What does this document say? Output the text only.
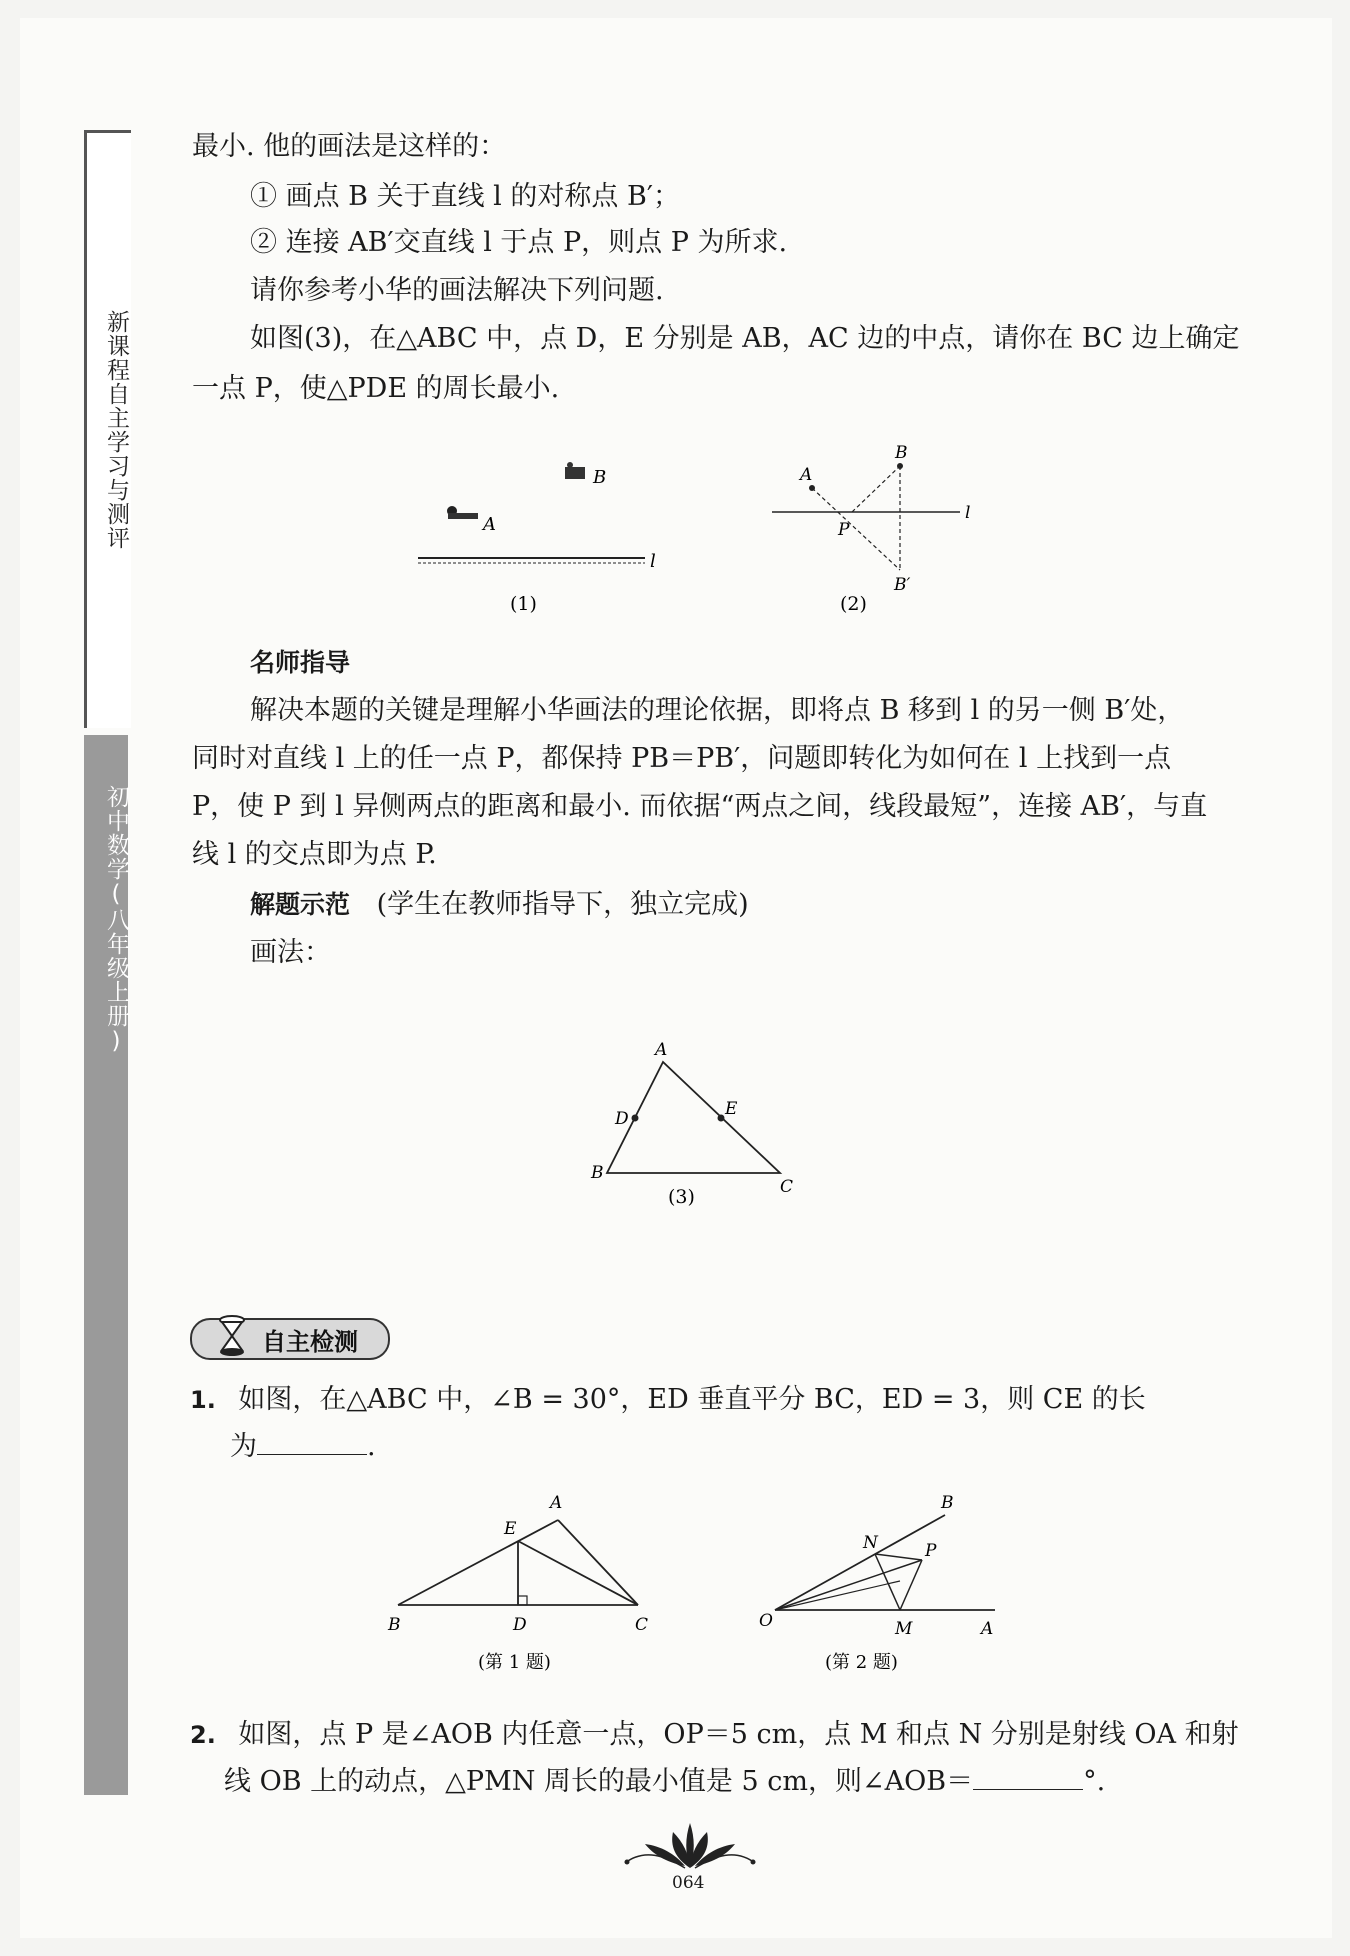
新课程自主学习与测评
初中数学(八年级上册)
最小. 他的画法是这样的：
① 画点 B 关于直线 l 的对称点 B′；
② 连接 AB′交直线 l 于点 P，则点 P 为所求.
请你参考小华的画法解决下列问题.
如图(3)，在△ABC 中，点 D，E 分别是 AB，AC 边的中点，请你在 BC 边上确定
一点 P，使△PDE 的周长最小.
A
B
l
(1)
A
B
B′
P
l
(2)
名师指导
解决本题的关键是理解小华画法的理论依据，即将点 B 移到 l 的另一侧 B′处，
同时对直线 l 上的任一点 P，都保持 PB＝PB′，问题即转化为如何在 l 上找到一点
P，使 P 到 l 异侧两点的距离和最小. 而依据“两点之间，线段最短”，连接 AB′，与直
线 l 的交点即为点 P.
解题示范 (学生在教师指导下，独立完成)
画法：
A
B
C
D	E
(3)
自主检测
1. 如图，在△ABC 中，∠B = 30°，ED 垂直平分 BC，ED = 3，则 CE 的长
为	.
A
B	C
D
E
(第 1 题)
O	A
B
M
N	P
(第 2 题)
2. 如图，点 P 是∠AOB 内任意一点，OP＝5 cm，点 M 和点 N 分别是射线 OA 和射
线 OB 上的动点，△PMN 周长的最小值是 5 cm，则∠AOB＝	°.
064
